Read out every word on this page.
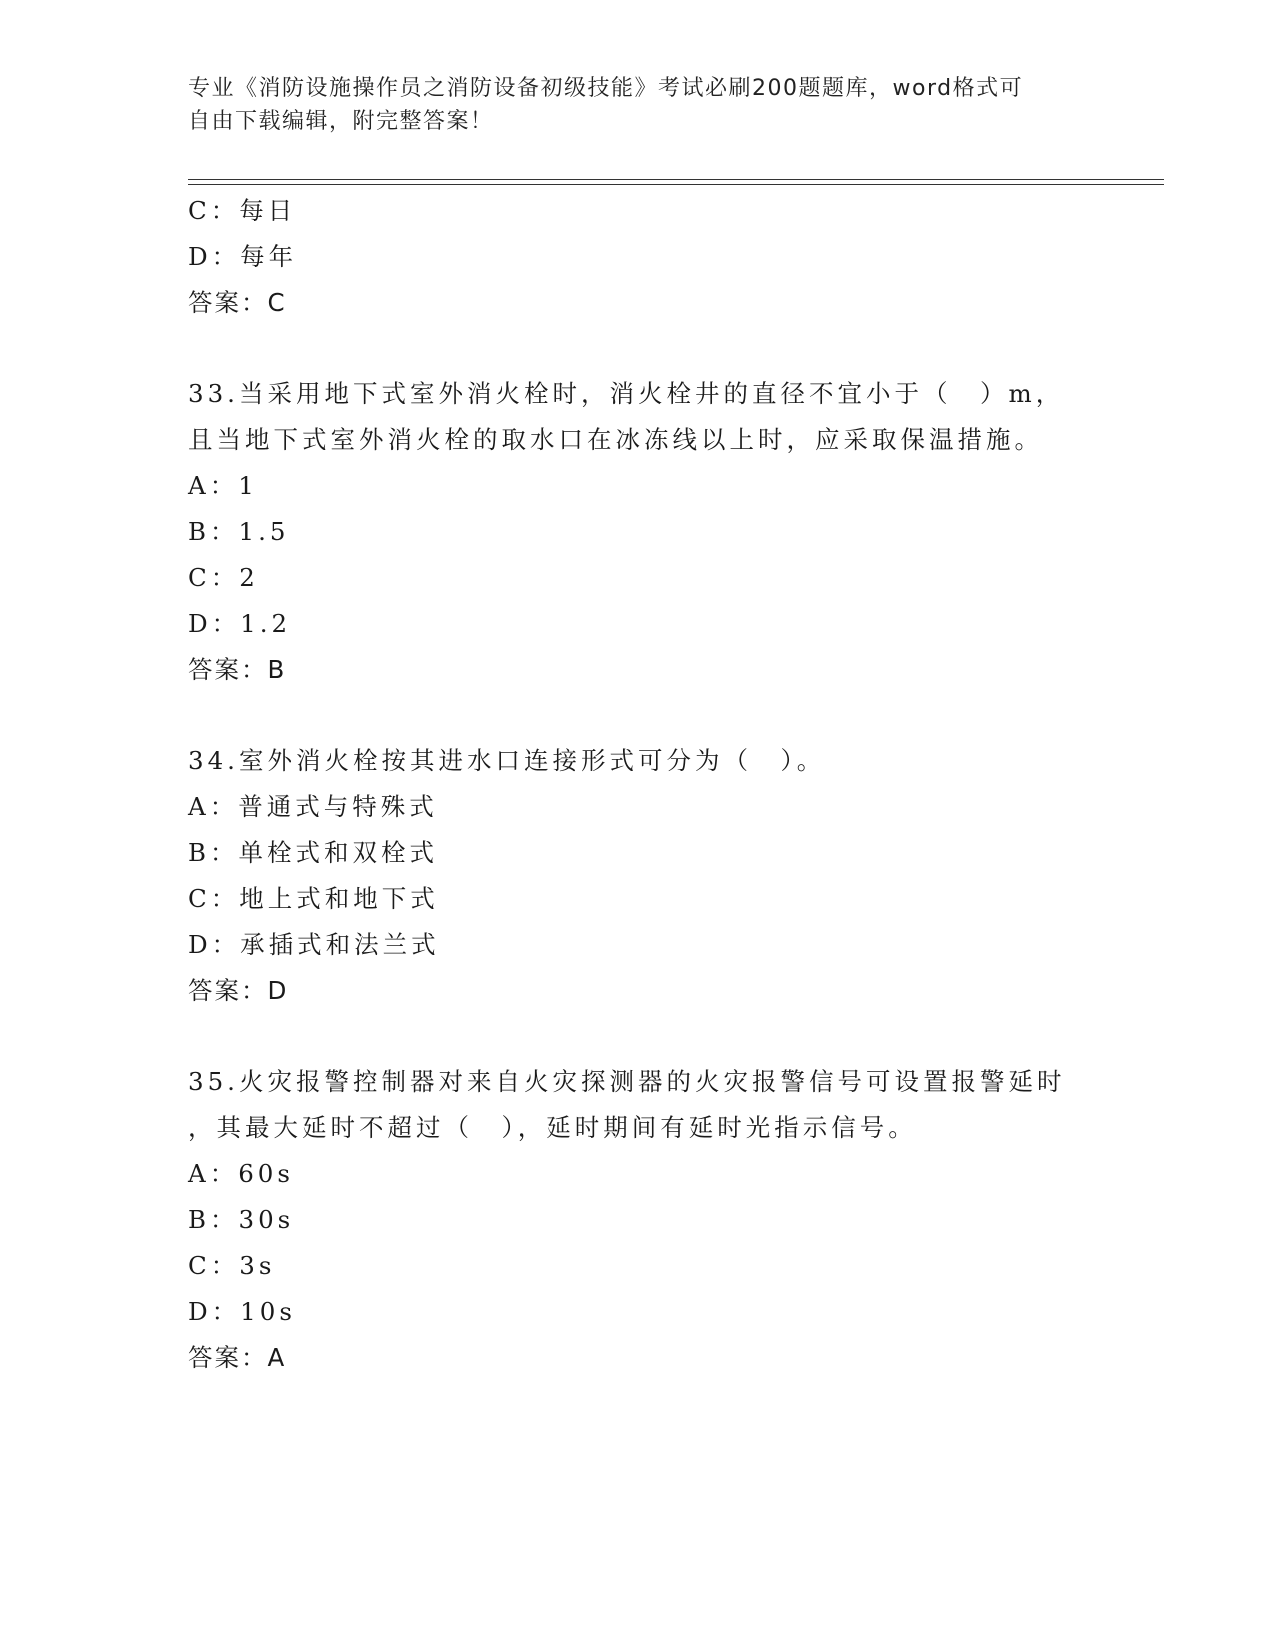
专业《消防设施操作员之消防设备初级技能》考试必刷200题题库，word格式可
自由下载编辑，附完整答案！
C：每日
D：每年
答案：C
33.当采用地下式室外消火栓时，消火栓井的直径不宜小于（　）m，
且当地下式室外消火栓的取水口在冰冻线以上时，应采取保温措施。
A：1
B：1.5
C：2
D：1.2
答案：B
34.室外消火栓按其进水口连接形式可分为（　）。
A：普通式与特殊式
B：单栓式和双栓式
C：地上式和地下式
D：承插式和法兰式
答案：D
35.火灾报警控制器对来自火灾探测器的火灾报警信号可设置报警延时
，其最大延时不超过（　），延时期间有延时光指示信号。
A：60s
B：30s
C：3s
D：10s
答案：A
